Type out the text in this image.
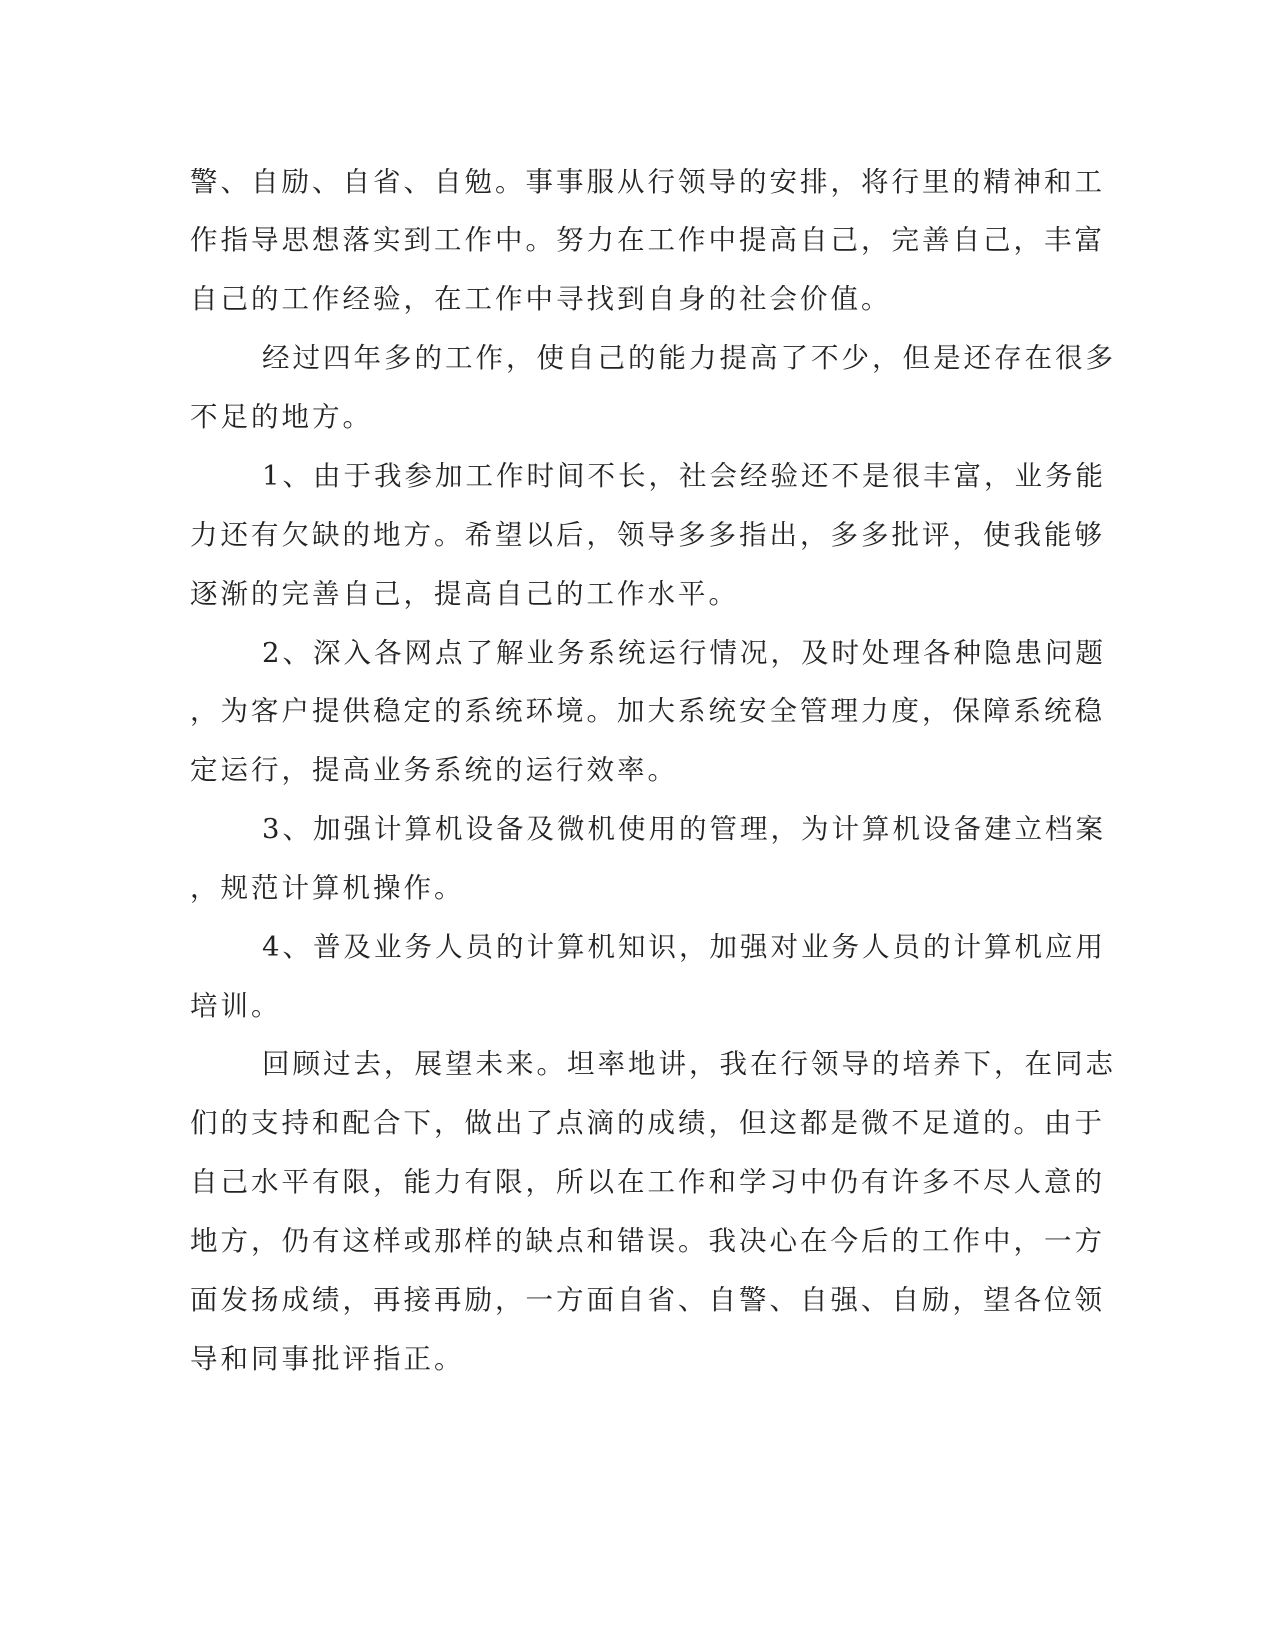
警、自励、自省、自勉。事事服从行领导的安排，将行里的精神和工
作指导思想落实到工作中。努力在工作中提高自己，完善自己，丰富
自己的工作经验，在工作中寻找到自身的社会价值。
经过四年多的工作，使自己的能力提高了不少，但是还存在很多
不足的地方。
1、由于我参加工作时间不长，社会经验还不是很丰富，业务能
力还有欠缺的地方。希望以后，领导多多指出，多多批评，使我能够
逐渐的完善自己，提高自己的工作水平。
2、深入各网点了解业务系统运行情况，及时处理各种隐患问题
，为客户提供稳定的系统环境。加大系统安全管理力度，保障系统稳
定运行，提高业务系统的运行效率。
3、加强计算机设备及微机使用的管理，为计算机设备建立档案
，规范计算机操作。
4、普及业务人员的计算机知识，加强对业务人员的计算机应用
培训。
回顾过去，展望未来。坦率地讲，我在行领导的培养下，在同志
们的支持和配合下，做出了点滴的成绩，但这都是微不足道的。由于
自己水平有限，能力有限，所以在工作和学习中仍有许多不尽人意的
地方，仍有这样或那样的缺点和错误。我决心在今后的工作中，一方
面发扬成绩，再接再励，一方面自省、自警、自强、自励，望各位领
导和同事批评指正。
